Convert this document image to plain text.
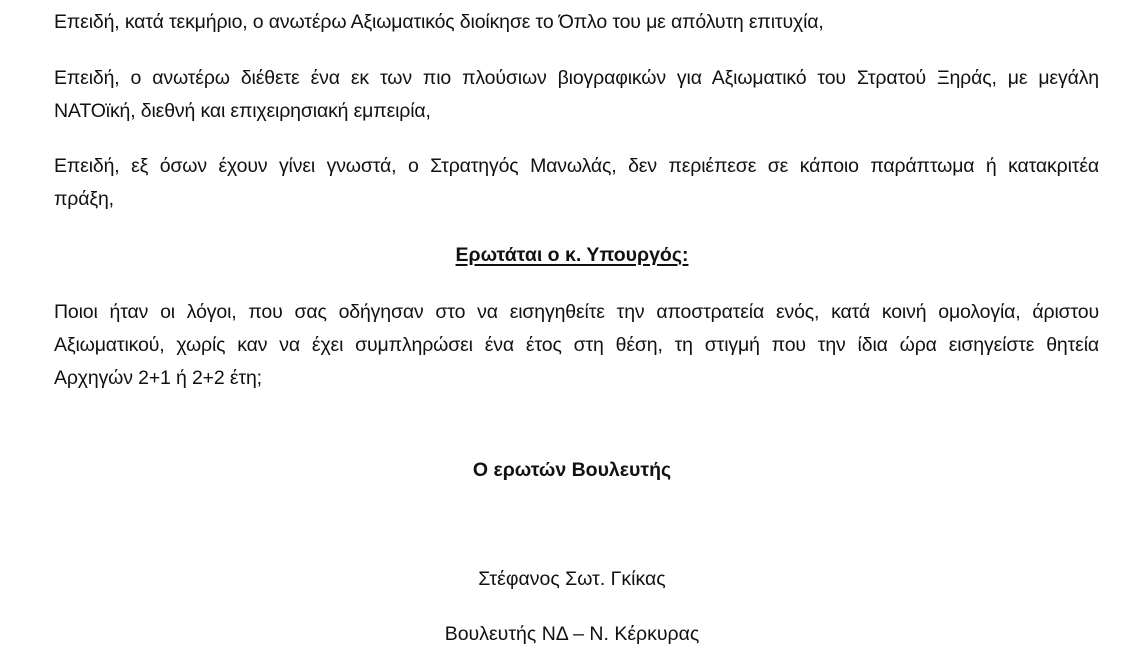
Επειδή, κατά τεκμήριο, ο ανωτέρω Αξιωματικός διοίκησε το Όπλο του με απόλυτη επιτυχία,

Επειδή, ο ανωτέρω διέθετε ένα εκ των πιο πλούσιων βιογραφικών για Αξιωματικό του Στρατού Ξηράς, με μεγάλη
ΝΑΤΟϊκή, διεθνή και επιχειρησιακή εμπειρία,

Επειδή, εξ όσων έχουν γίνει γνωστά, ο Στρατηγός Μανωλάς, δεν περιέπεσε σε κάποιο παράπτωμα ή κατακριτέα
πράξη,

Ερωτάται ο κ. Υπουργός:

Ποιοι ήταν οι λόγοι, που σας οδήγησαν στο να εισηγηθείτε την αποστρατεία ενός, κατά κοινή ομολογία, άριστου
Αξιωματικού, χωρίς καν να έχει συμπληρώσει ένα έτος στη θέση, τη στιγμή που την ίδια ώρα εισηγείστε θητεία
Αρχηγών 2+1 ή 2+2 έτη;

Ο ερωτών Βουλευτής

Στέφανος Σωτ. Γκίκας

Βουλευτής ΝΔ – Ν. Κέρκυρας
